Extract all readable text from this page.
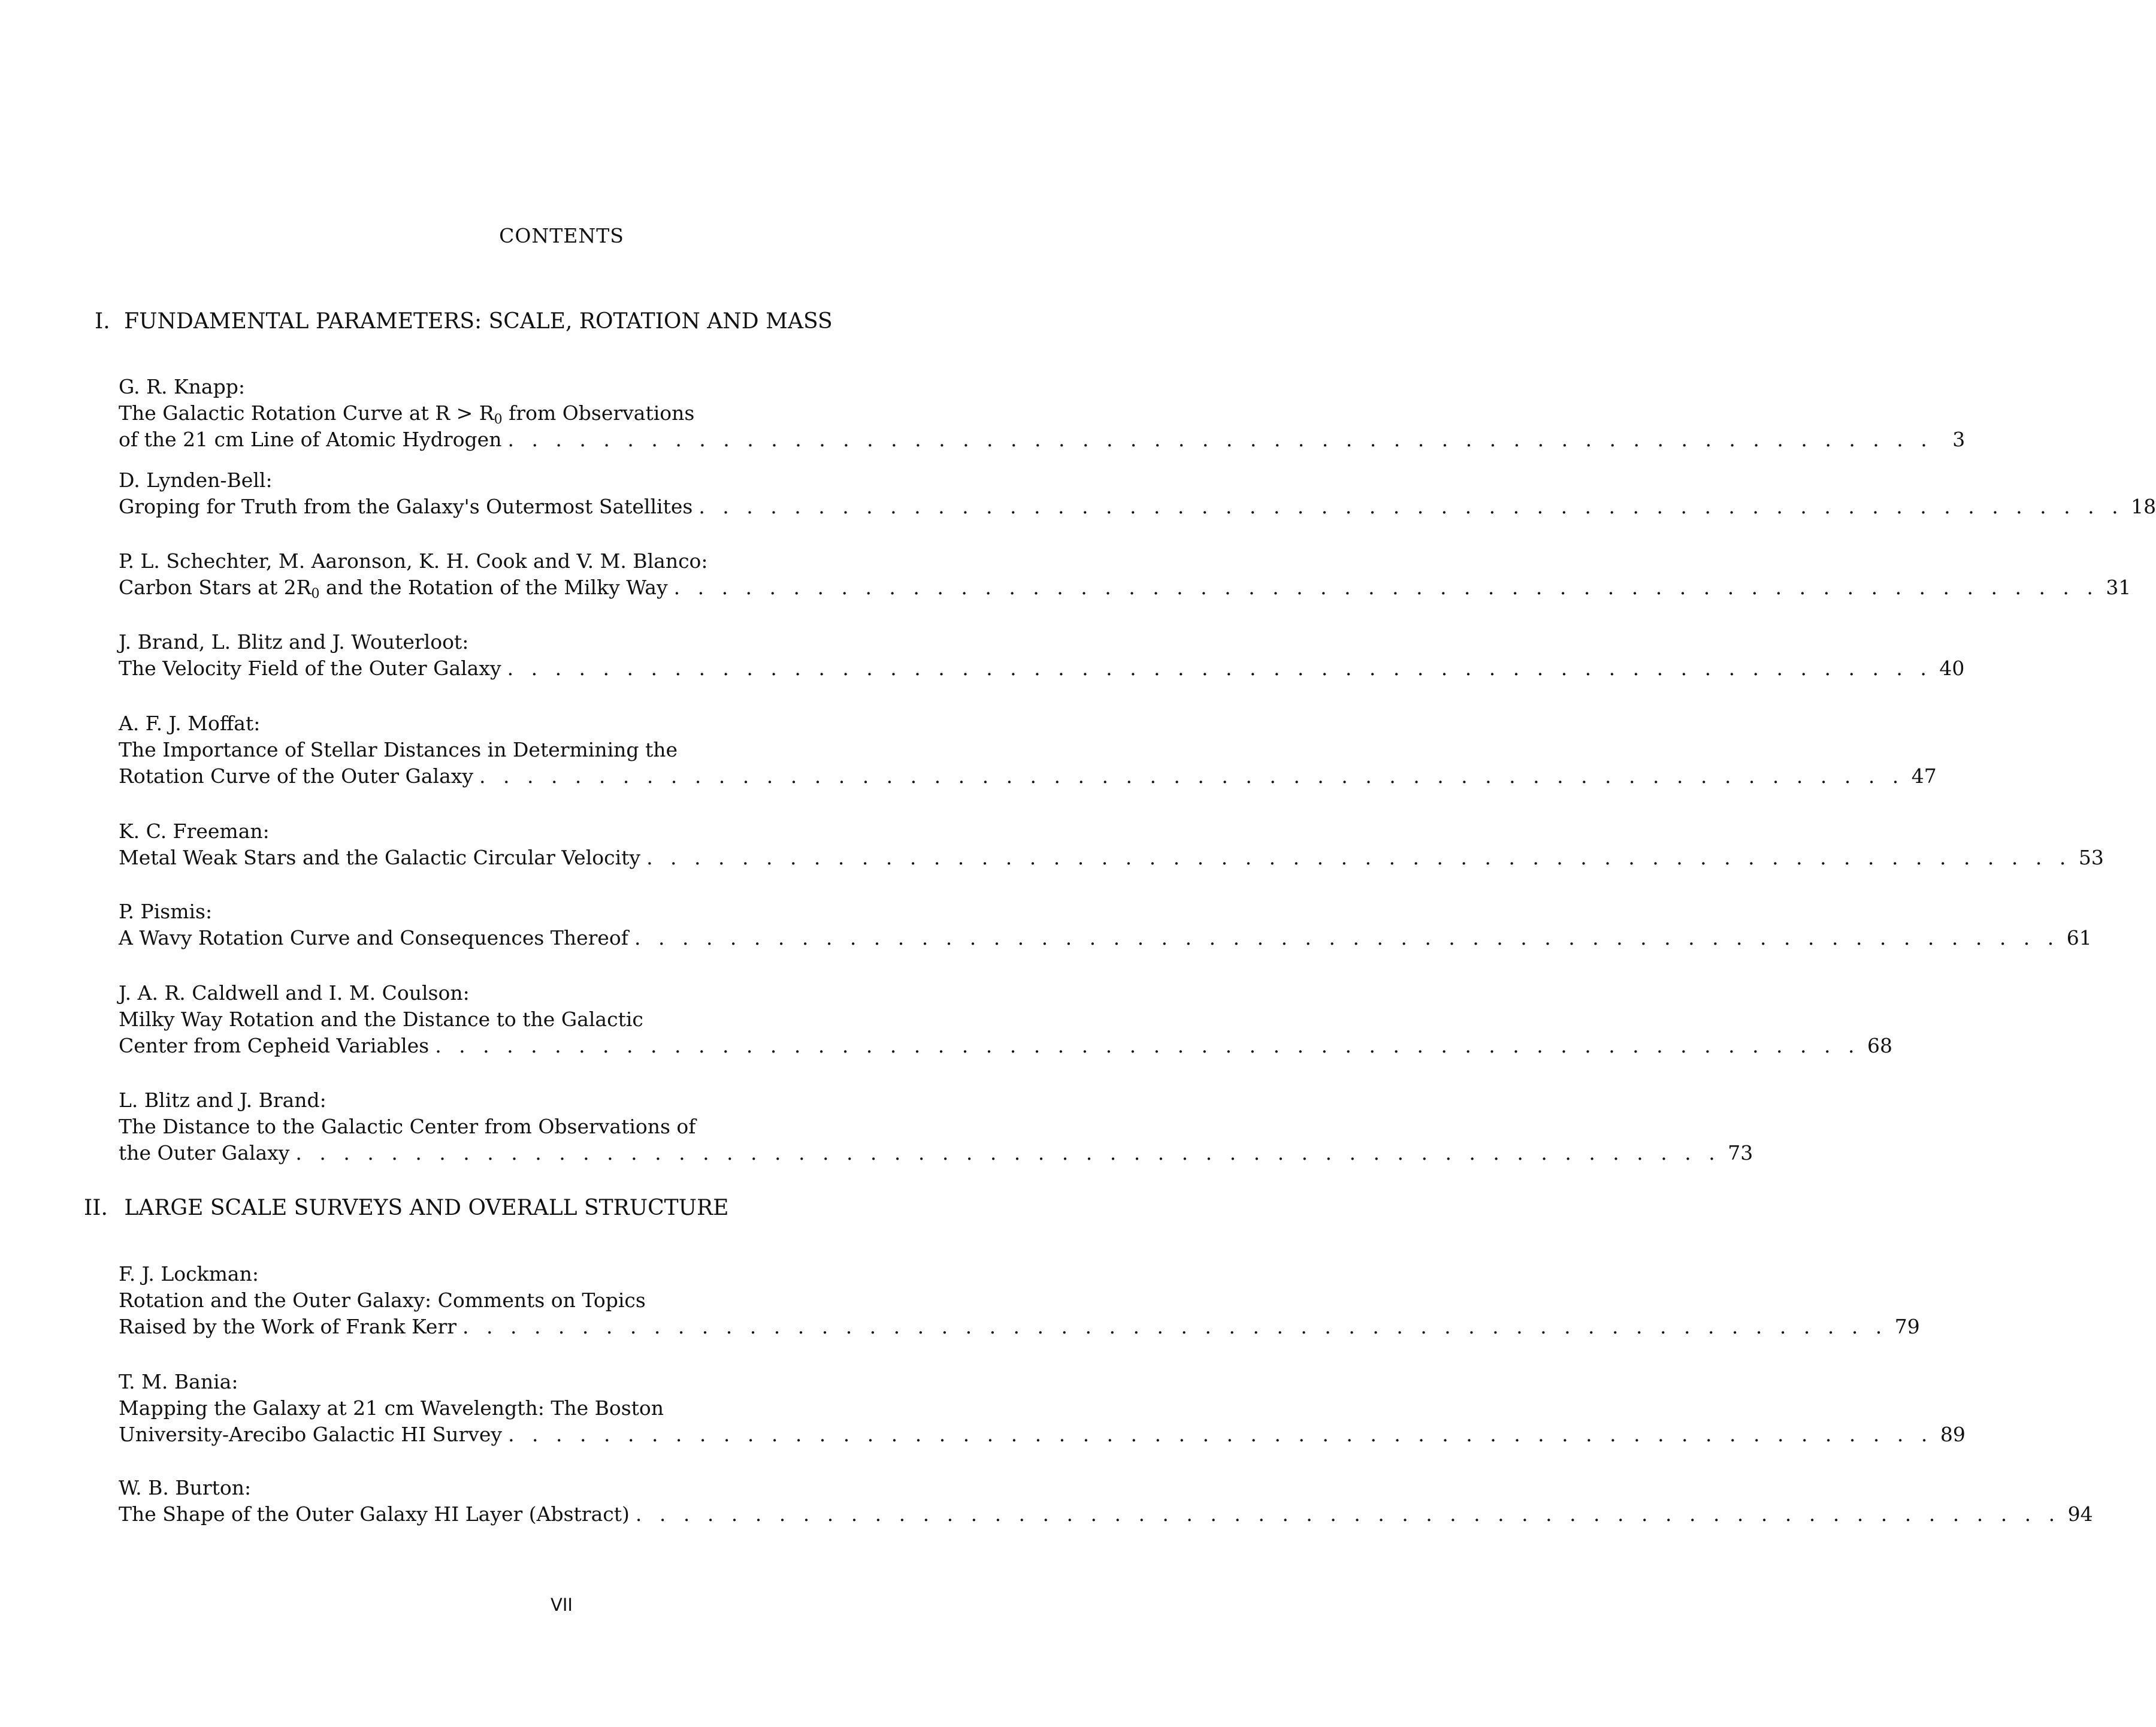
CONTENTS
I. FUNDAMENTAL PARAMETERS: SCALE, ROTATION AND MASS
G. R. Knapp:
The Galactic Rotation Curve at $R > R_0$ from Observations
of the 21 cm Line of Atomic Hydrogen . . . . . . . . . . . . . . . . . . . . . . . . . . . . . . . . . . . . . . . . . . . . . . . . . . . . . . . . . . . .	3
D. Lynden-Bell:
Groping for Truth from the Galaxy's Outermost Satellites . . . . . . . . . . . . . . . . . . . . . . . . . . . . . . . . . . . . . . . . . . . . . . . . . . . . . . . . . . . . 18
P. L. Schechter, M. Aaronson, K. H. Cook and V. M. Blanco:
Carbon Stars at $2R_0$ and the Rotation of the Milky Way . . . . . . . . . . . . . . . . . . . . . . . . . . . . . . . . . . . . . . . . . . . . . . . . . . . . . . . . . . . . 31
J. Brand, L. Blitz and J. Wouterloot:
The Velocity Field of the Outer Galaxy . . . . . . . . . . . . . . . . . . . . . . . . . . . . . . . . . . . . . . . . . . . . . . . . . . . . . . . . . . . . 40
A. F. J. Moffat:
The Importance of Stellar Distances in Determining the
Rotation Curve of the Outer Galaxy . . . . . . . . . . . . . . . . . . . . . . . . . . . . . . . . . . . . . . . . . . . . . . . . . . . . . . . . . . . . 47
K. C. Freeman:
Metal Weak Stars and the Galactic Circular Velocity . . . . . . . . . . . . . . . . . . . . . . . . . . . . . . . . . . . . . . . . . . . . . . . . . . . . . . . . . . . . 53
P. Pismis:
A Wavy Rotation Curve and Consequences Thereof . . . . . . . . . . . . . . . . . . . . . . . . . . . . . . . . . . . . . . . . . . . . . . . . . . . . . . . . . . . . 61
J. A. R. Caldwell and I. M. Coulson:
Milky Way Rotation and the Distance to the Galactic
Center from Cepheid Variables . . . . . . . . . . . . . . . . . . . . . . . . . . . . . . . . . . . . . . . . . . . . . . . . . . . . . . . . . . . . 68
L. Blitz and J. Brand:
The Distance to the Galactic Center from Observations of
the Outer Galaxy . . . . . . . . . . . . . . . . . . . . . . . . . . . . . . . . . . . . . . . . . . . . . . . . . . . . . . . . . . . . 73
II. LARGE SCALE SURVEYS AND OVERALL STRUCTURE
F. J. Lockman:
Rotation and the Outer Galaxy: Comments on Topics
Raised by the Work of Frank Kerr . . . . . . . . . . . . . . . . . . . . . . . . . . . . . . . . . . . . . . . . . . . . . . . . . . . . . . . . . . . . 79
T. M. Bania:
Mapping the Galaxy at 21 cm Wavelength: The Boston
University-Arecibo Galactic HI Survey . . . . . . . . . . . . . . . . . . . . . . . . . . . . . . . . . . . . . . . . . . . . . . . . . . . . . . . . . . . . 89
W. B. Burton:
The Shape of the Outer Galaxy HI Layer (Abstract) . . . . . . . . . . . . . . . . . . . . . . . . . . . . . . . . . . . . . . . . . . . . . . . . . . . . . . . . . . . . 94
VII
